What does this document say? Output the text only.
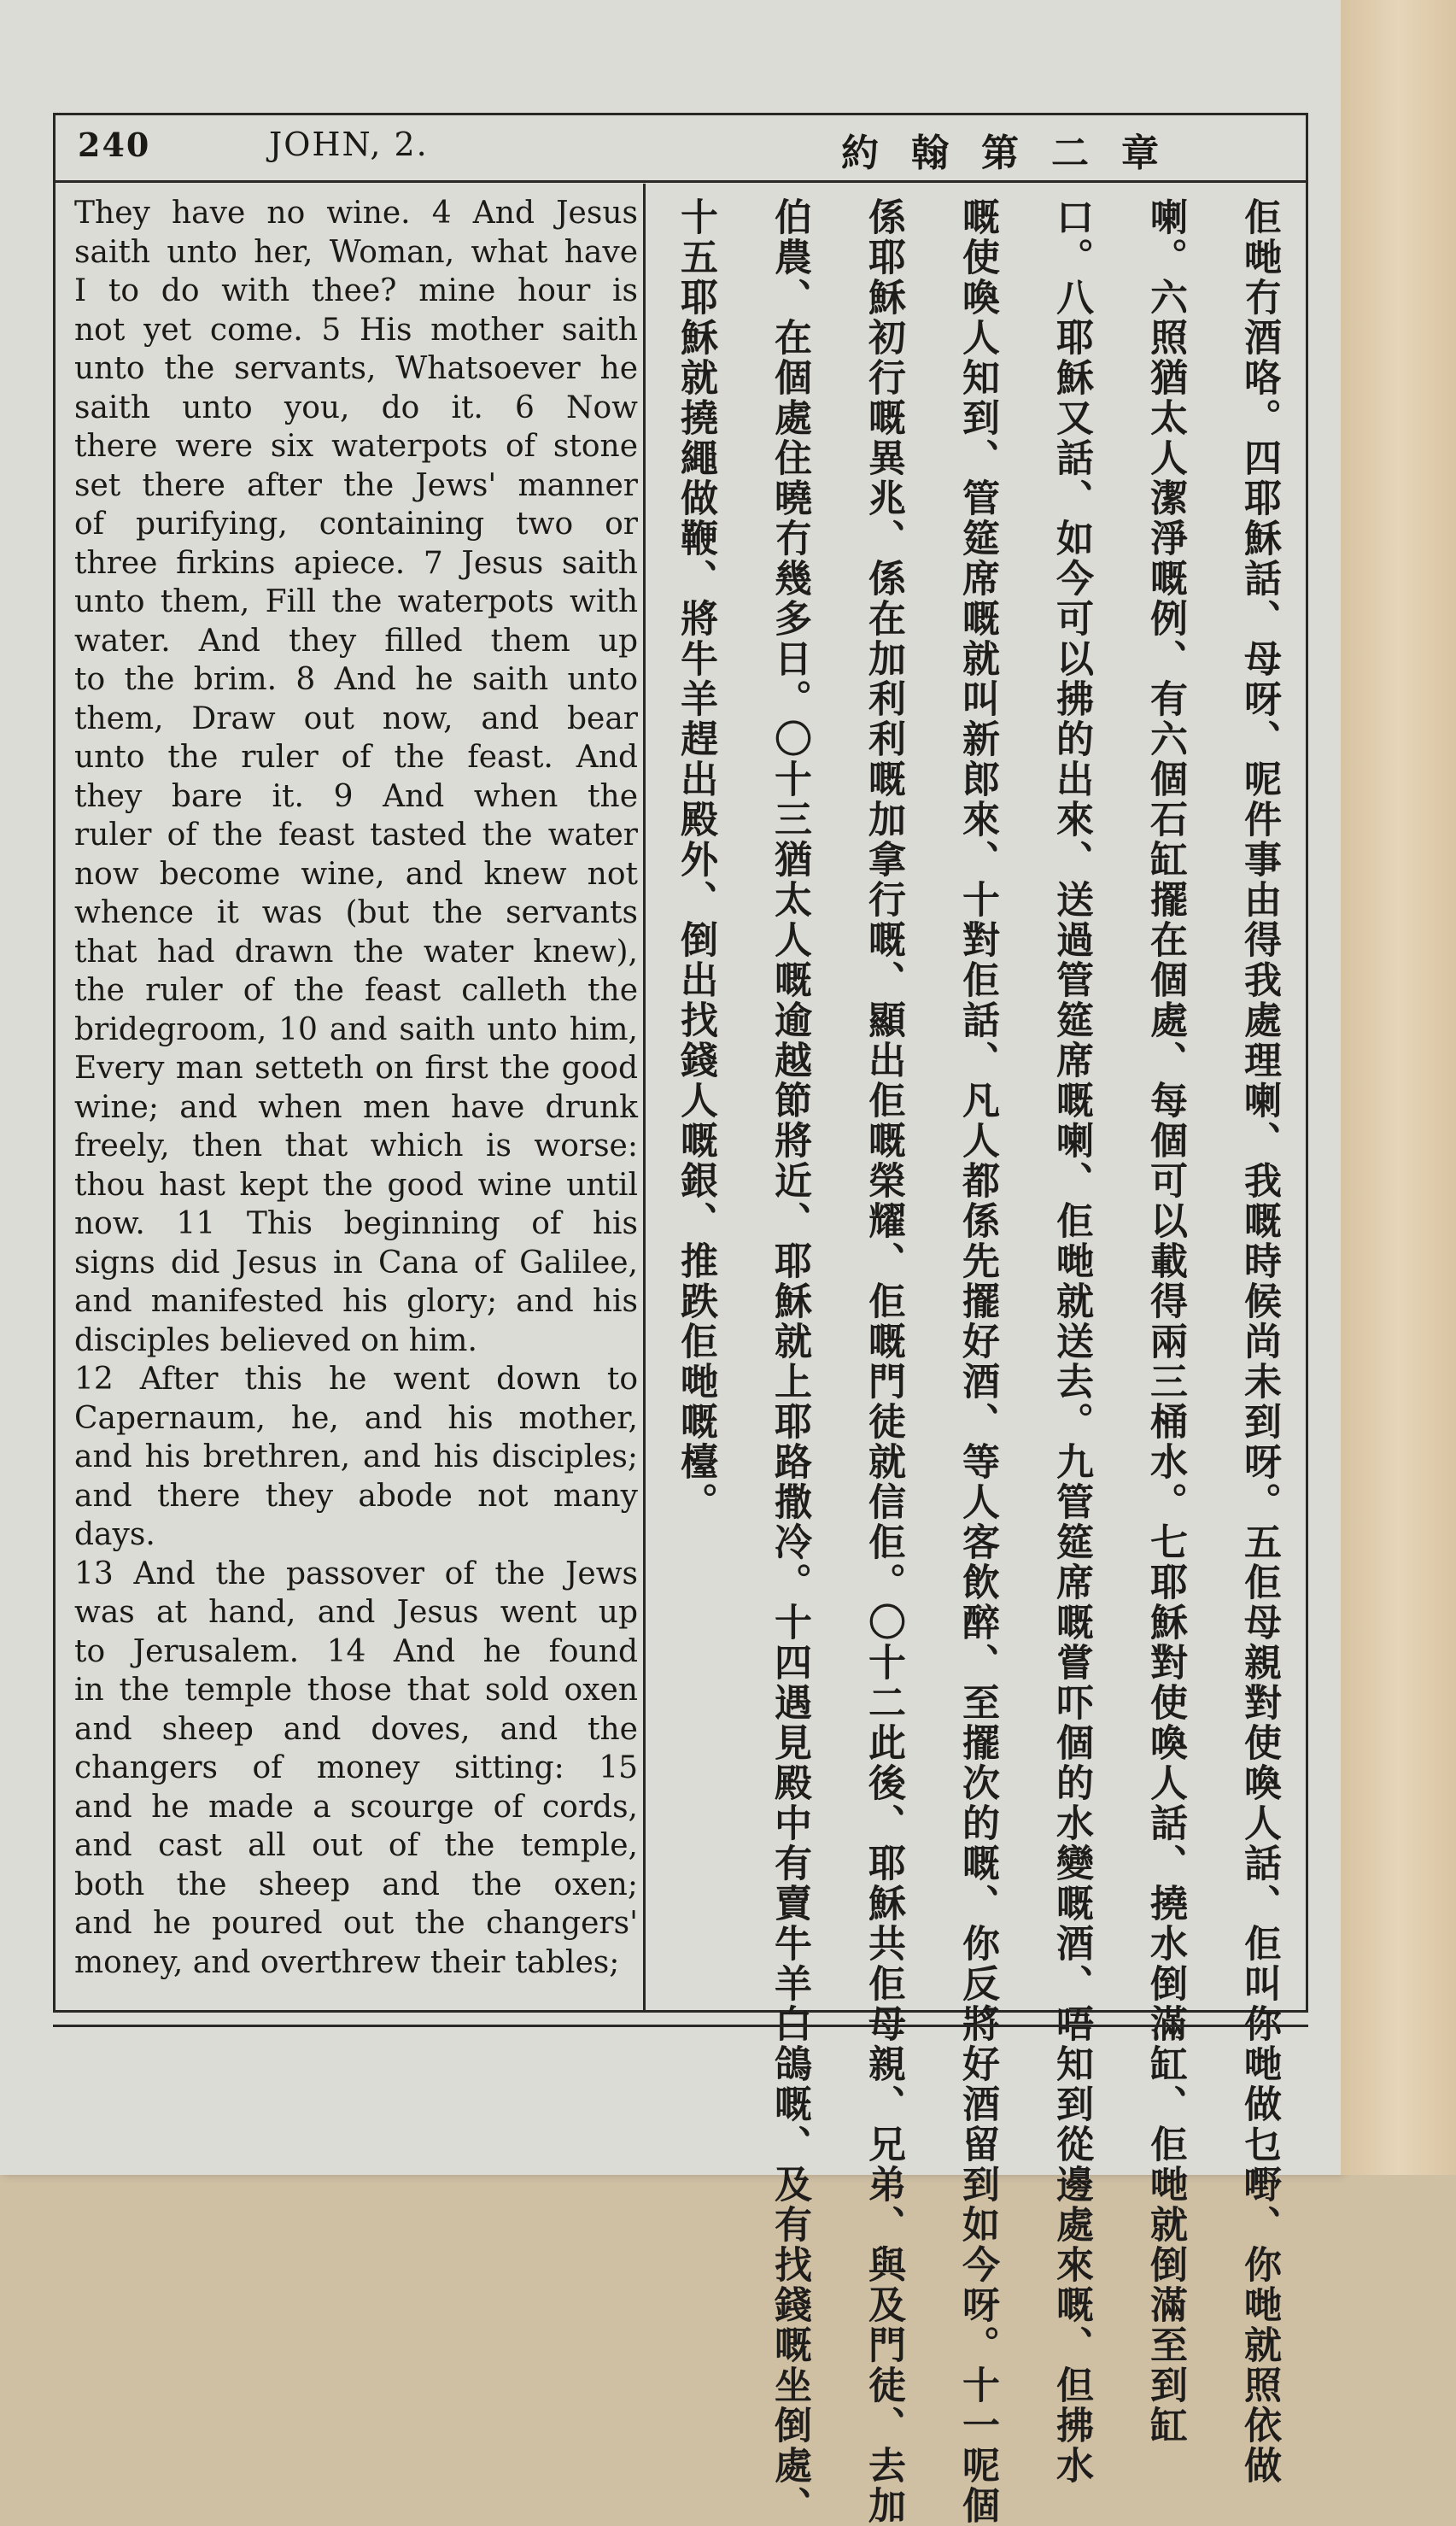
240	JOHN, 2.	約翰第二章

They have no wine. 4 And Jesus

saith unto her, Woman, what have

I to do with thee? mine hour is

not yet come. 5 His mother saith

unto the servants, Whatsoever he

saith unto you, do it. 6 Now

there were six waterpots of stone

set there after the Jews' manner

of purifying, containing two or

three firkins apiece. 7 Jesus saith

unto them, Fill the waterpots with

water. And they filled them up

to the brim. 8 And he saith unto

them, Draw out now, and bear

unto the ruler of the feast. And

they bare it. 9 And when the

ruler of the feast tasted the water

now become wine, and knew not

whence it was (but the servants

that had drawn the water knew),

the ruler of the feast calleth the

bridegroom, 10 and saith unto him,

Every man setteth on first the good

wine; and when men have drunk

freely, then that which is worse:

thou hast kept the good wine until

now. 11 This beginning of his

signs did Jesus in Cana of Galilee,

and manifested his glory; and his

disciples believed on him.

12 After this he went down to

Capernaum, he, and his mother,

and his brethren, and his disciples;

and there they abode not many

days.

13 And the passover of the Jews

was at hand, and Jesus went up

to Jerusalem. 14 And he found

in the temple those that sold oxen

and sheep and doves, and the

changers of money sitting: 15

and he made a scourge of cords,

and cast all out of the temple,

both the sheep and the oxen;

and he poured out the changers'

money, and overthrew their tables;	佢哋冇酒咯。四耶穌話、母呀、呢件事由得我處理喇、我嘅時候尚未到呀。五佢母親對使喚人話、佢叫你哋做乜嘢、你哋就照依做
喇。六照猶太人潔淨嘅例、有六個石缸擺在個處、每個可以載得兩三桶水。七耶穌對使喚人話、撓水倒滿缸、佢哋就倒滿至到缸
口。八耶穌又話、如今可以拂的出來、送過管筵席嘅喇、佢哋就送去。九管筵席嘅嘗吓個的水變嘅酒、唔知到從邊處來嘅、但拂水
嘅使喚人知到、管筵席嘅就叫新郎來、十對佢話、凡人都係先擺好酒、等人客飲醉、至擺次的嘅、你反將好酒留到如今呀。十一呢個
係耶穌初行嘅異兆、係在加利利嘅加拿行嘅、顯出佢嘅榮耀、佢嘅門徒就信佢。〇十二此後、耶穌共佢母親、兄弟、與及門徒、去加
伯農、在個處住曉冇幾多日。〇十三猶太人嘅逾越節將近、耶穌就上耶路撒冷。十四遇見殿中有賣牛羊白鴿嘅、及有找錢嘅坐倒處、
十五耶穌就撓繩做鞭、將牛羊趕出殿外、倒出找錢人嘅銀、推跌佢哋嘅檯。
